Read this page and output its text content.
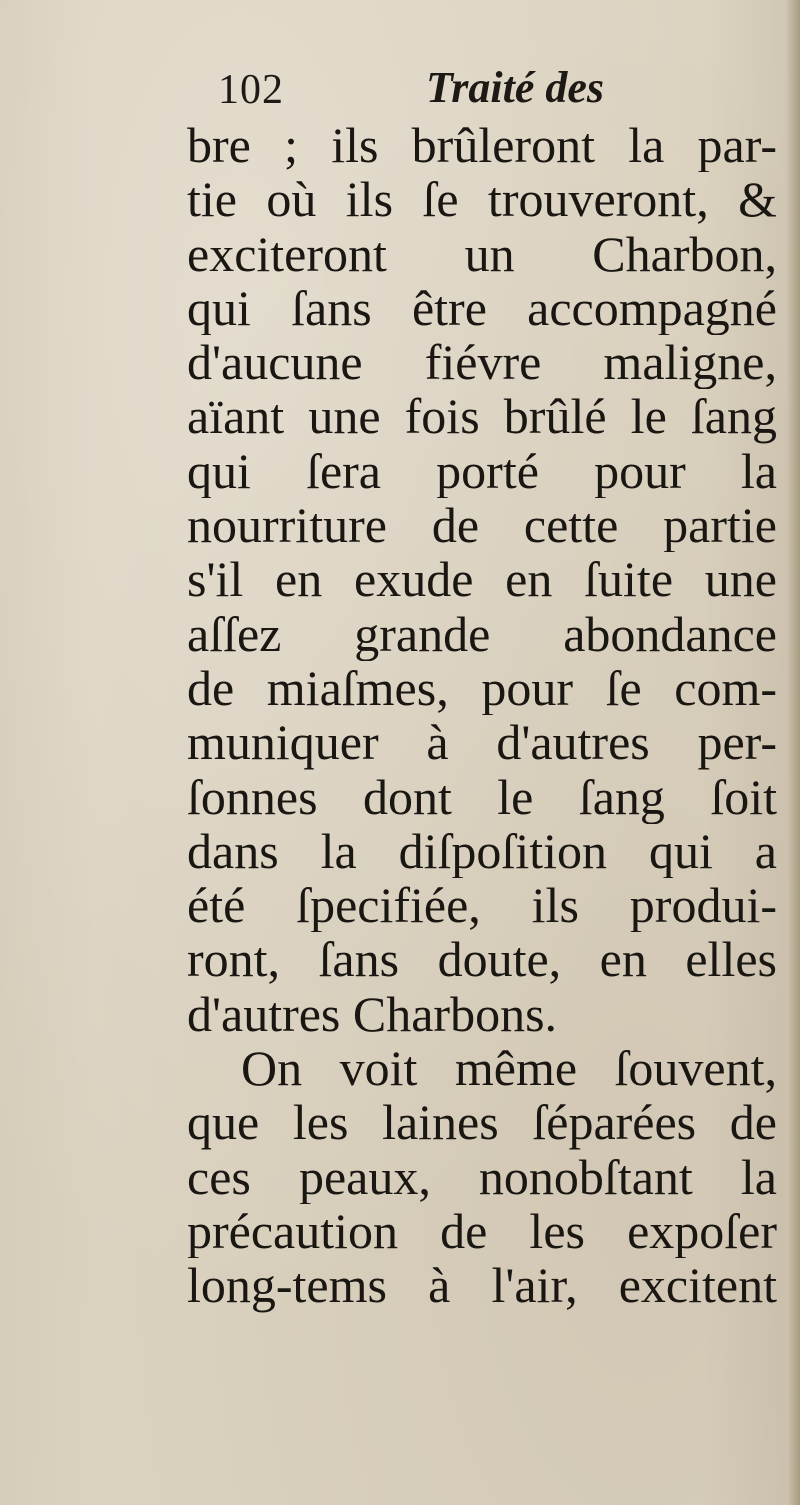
102	Traité des
bre ; ils brûleront la par-
tie où ils ſe trouveront, &
exciteront un Charbon,
qui ſans être accompagné
d'aucune fiévre maligne,
aïant une fois brûlé le ſang
qui ſera porté pour la
nourriture de cette partie
s'il en exude en ſuite une
aſſez grande abondance
de miaſmes, pour ſe com-
muniquer à d'autres per-
ſonnes dont le ſang ſoit
dans la diſpoſition qui a
été ſpecifiée, ils produi-
ront, ſans doute, en elles
d'autres Charbons.
On voit même ſouvent,
que les laines ſéparées de
ces peaux, nonobſtant la
précaution de les expoſer
long-tems à l'air, excitent
